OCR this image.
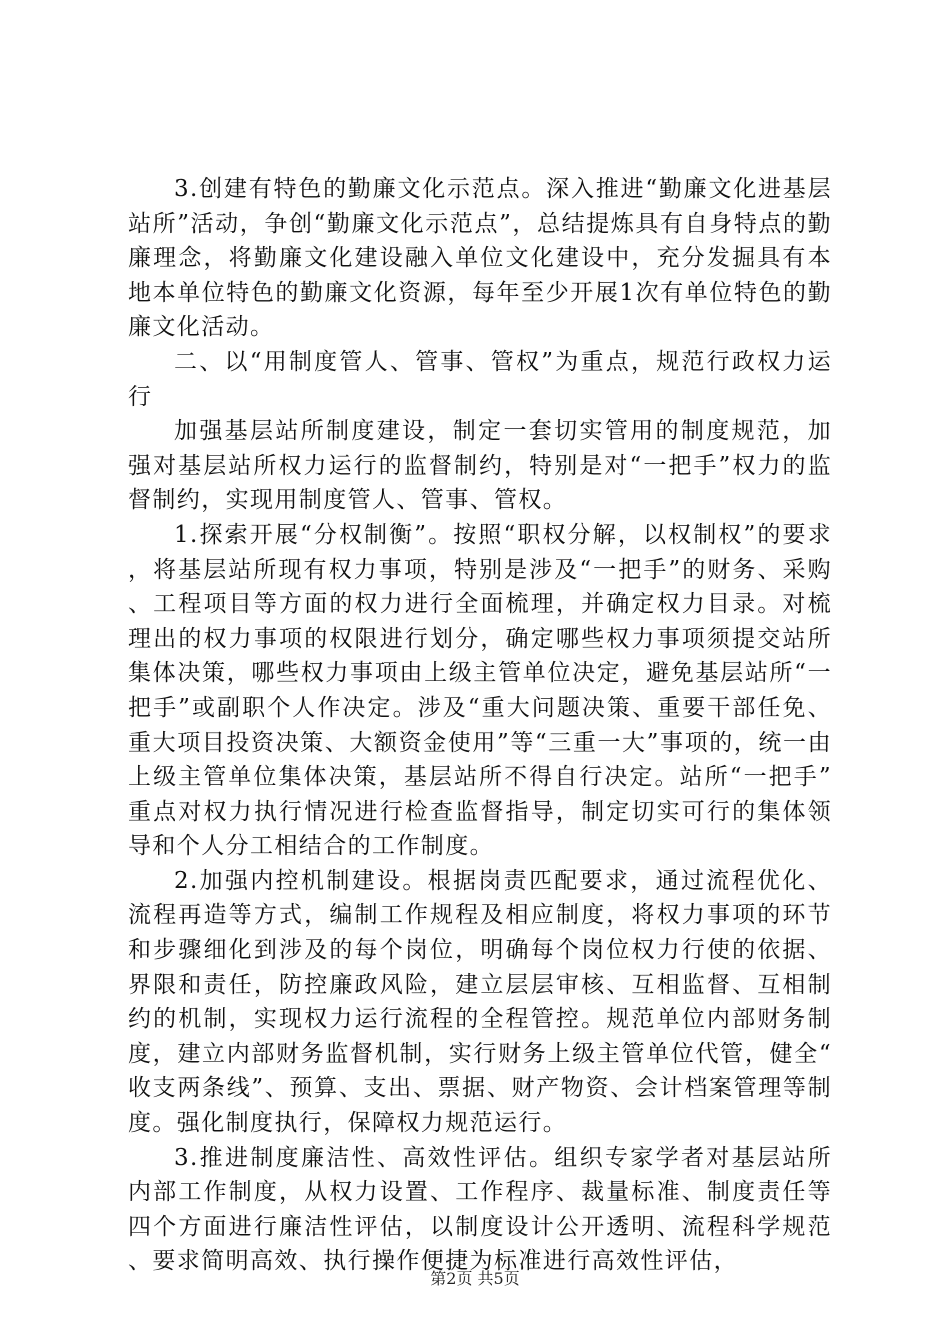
3.创建有特色的勤廉文化示范点。深入推进“勤廉文化进基层站所”活动，争创“勤廉文化示范点”，总结提炼具有自身特点的勤廉理念，将勤廉文化建设融入单位文化建设中，充分发掘具有本地本单位特色的勤廉文化资源，每年至少开展1次有单位特色的勤廉文化活动。

二、以“用制度管人、管事、管权”为重点，规范行政权力运行

加强基层站所制度建设，制定一套切实管用的制度规范，加强对基层站所权力运行的监督制约，特别是对“一把手”权力的监督制约，实现用制度管人、管事、管权。

1.探索开展“分权制衡”。按照“职权分解，以权制权”的要求，将基层站所现有权力事项，特别是涉及“一把手”的财务、采购、工程项目等方面的权力进行全面梳理，并确定权力目录。对梳理出的权力事项的权限进行划分，确定哪些权力事项须提交站所集体决策，哪些权力事项由上级主管单位决定，避免基层站所“一把手”或副职个人作决定。涉及“重大问题决策、重要干部任免、重大项目投资决策、大额资金使用”等“三重一大”事项的，统一由上级主管单位集体决策，基层站所不得自行决定。站所“一把手”重点对权力执行情况进行检查监督指导，制定切实可行的集体领导和个人分工相结合的工作制度。

2.加强内控机制建设。根据岗责匹配要求，通过流程优化、流程再造等方式，编制工作规程及相应制度，将权力事项的环节和步骤细化到涉及的每个岗位，明确每个岗位权力行使的依据、界限和责任，防控廉政风险，建立层层审核、互相监督、互相制约的机制，实现权力运行流程的全程管控。规范单位内部财务制度，建立内部财务监督机制，实行财务上级主管单位代管，健全“收支两条线”、预算、支出、票据、财产物资、会计档案管理等制度。强化制度执行，保障权力规范运行。

3.推进制度廉洁性、高效性评估。组织专家学者对基层站所内部工作制度，从权力设置、工作程序、裁量标准、制度责任等四个方面进行廉洁性评估，以制度设计公开透明、流程科学规范、要求简明高效、执行操作便捷为标准进行高效性评估，

第2页 共5页
